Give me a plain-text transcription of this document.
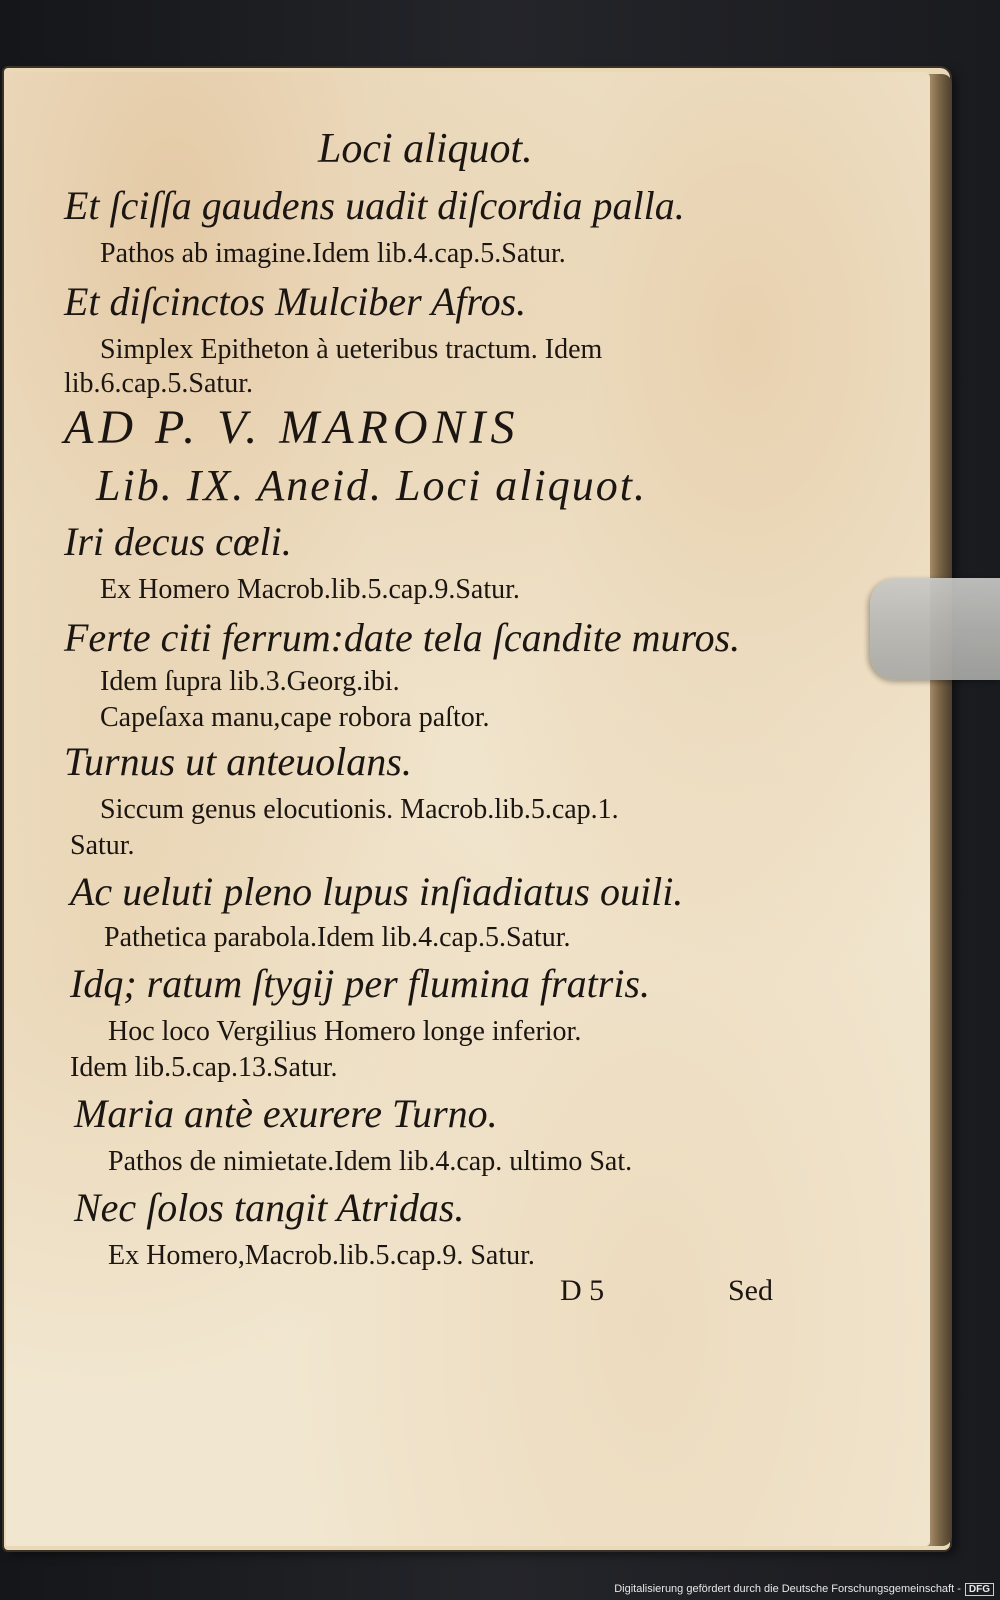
Loci aliquot.
Et ſciſſa gaudens uadit diſcordia palla.
Pathos ab imagine.Idem lib.4.cap.5.Satur.
Et diſcinctos Mulciber Afros.
Simplex Epitheton à ueteribus tractum. Idem
lib.6.cap.5.Satur.
AD P. V. MARONIS
Lib. IX. Aneid. Loci aliquot.
Iri decus cœli.
Ex Homero Macrob.lib.5.cap.9.Satur.
Ferte citi ferrum:date tela ſcandite muros.
Idem ſupra lib.3.Georg.ibi.
Capeſaxa manu,cape robora paſtor.
Turnus ut anteuolans.
Siccum genus elocutionis. Macrob.lib.5.cap.1.
Satur.
Ac ueluti pleno lupus inſiadiatus ouili.
Pathetica parabola.Idem lib.4.cap.5.Satur.
Idq; ratum ſtygij per flumina fratris.
Hoc loco Vergilius Homero longe inferior.
Idem lib.5.cap.13.Satur.
Maria antè exurere Turno.
Pathos de nimietate.Idem lib.4.cap. ultimo Sat.
Nec ſolos tangit Atridas.
Ex Homero,Macrob.lib.5.cap.9. Satur.
D 5	Sed
Digitalisierung gefördert durch die Deutsche Forschungsgemeinschaft - DFG
